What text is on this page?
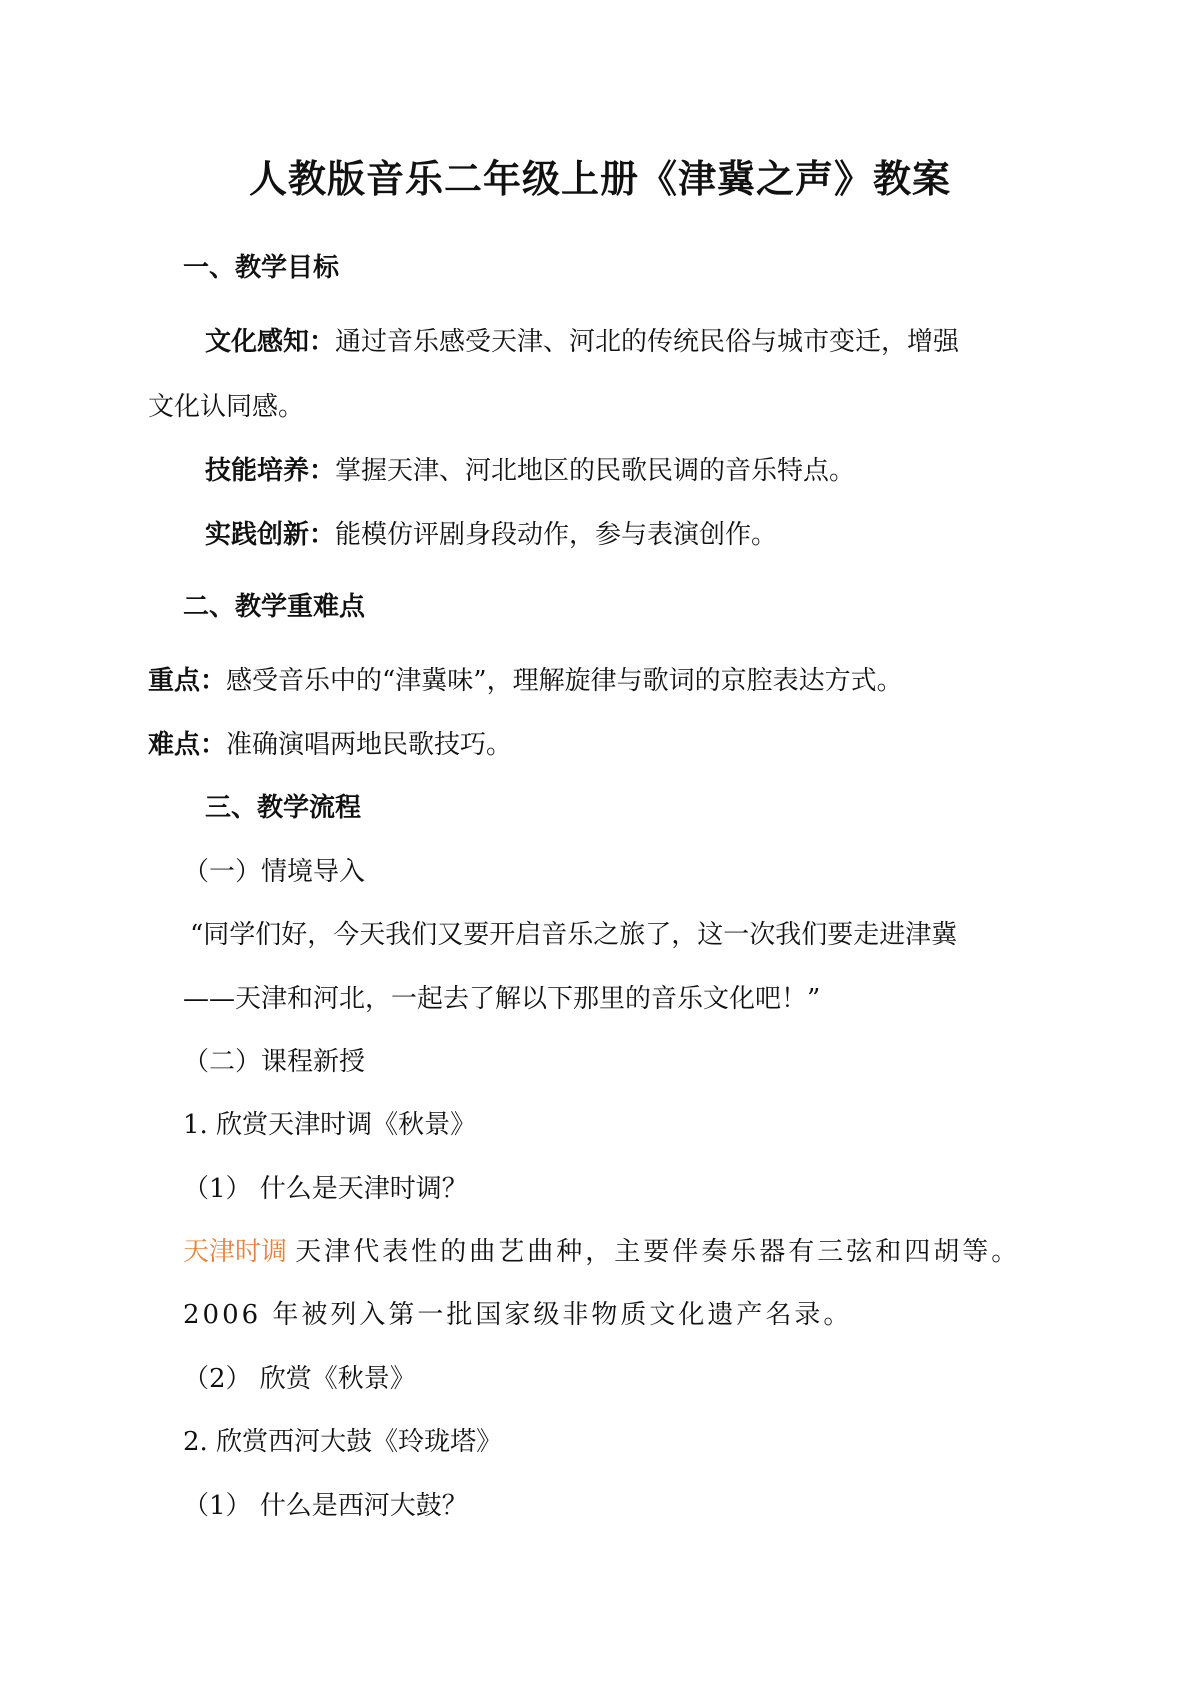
人教版音乐二年级上册《津冀之声》教案
一、教学目标
文化感知：通过音乐感受天津、河北的传统民俗与城市变迁，增强
文化认同感。
技能培养：掌握天津、河北地区的民歌民调的音乐特点。
实践创新：能模仿评剧身段动作，参与表演创作。
二、教学重难点
重点：感受音乐中的“津冀味”，理解旋律与歌词的京腔表达方式。
难点：准确演唱两地民歌技巧。
三、教学流程
（一）情境导入
“同学们好，今天我们又要开启音乐之旅了，这一次我们要走进津冀
——天津和河北，一起去了解以下那里的音乐文化吧！”
（二）课程新授
1. 欣赏天津时调《秋景》
（1） 什么是天津时调？
天津时调 天津代表性的曲艺曲种，主要伴奏乐器有三弦和四胡等。
2006 年被列入第一批国家级非物质文化遗产名录。
（2） 欣赏《秋景》
2. 欣赏西河大鼓《玲珑塔》
（1） 什么是西河大鼓？
